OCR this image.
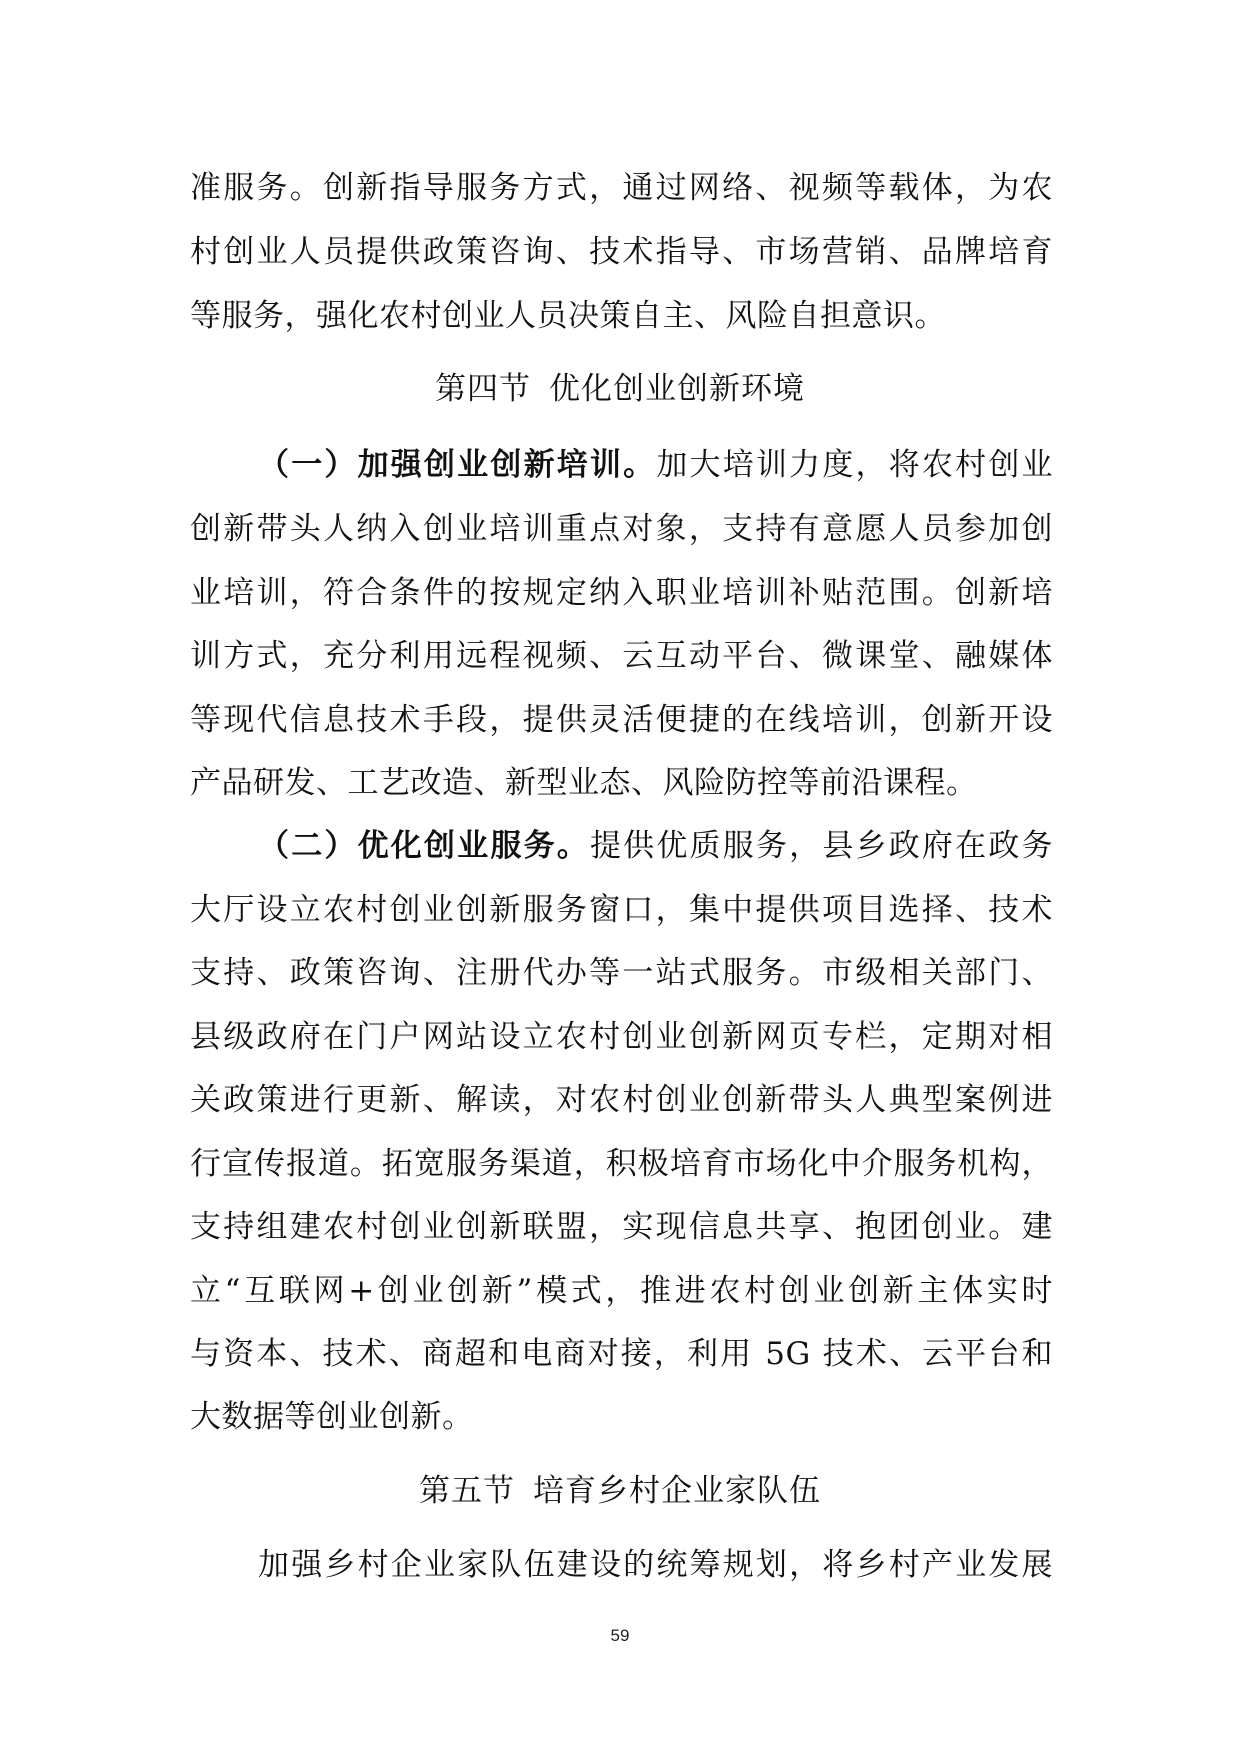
准服务。创新指导服务方式，通过网络、视频等载体，为农
村创业人员提供政策咨询、技术指导、市场营销、品牌培育
等服务，强化农村创业人员决策自主、风险自担意识。
第四节 优化创业创新环境
（一）加强创业创新培训。加大培训力度，将农村创业
创新带头人纳入创业培训重点对象，支持有意愿人员参加创
业培训，符合条件的按规定纳入职业培训补贴范围。创新培
训方式，充分利用远程视频、云互动平台、微课堂、融媒体
等现代信息技术手段，提供灵活便捷的在线培训，创新开设
产品研发、工艺改造、新型业态、风险防控等前沿课程。
（二）优化创业服务。提供优质服务，县乡政府在政务
大厅设立农村创业创新服务窗口，集中提供项目选择、技术
支持、政策咨询、注册代办等一站式服务。市级相关部门、
县级政府在门户网站设立农村创业创新网页专栏，定期对相
关政策进行更新、解读，对农村创业创新带头人典型案例进
行宣传报道。拓宽服务渠道，积极培育市场化中介服务机构，
支持组建农村创业创新联盟，实现信息共享、抱团创业。建
立“互联网+创业创新”模式，推进农村创业创新主体实时
与资本、技术、商超和电商对接，利用 5G 技术、云平台和
大数据等创业创新。
第五节 培育乡村企业家队伍
加强乡村企业家队伍建设的统筹规划，将乡村产业发展
59
